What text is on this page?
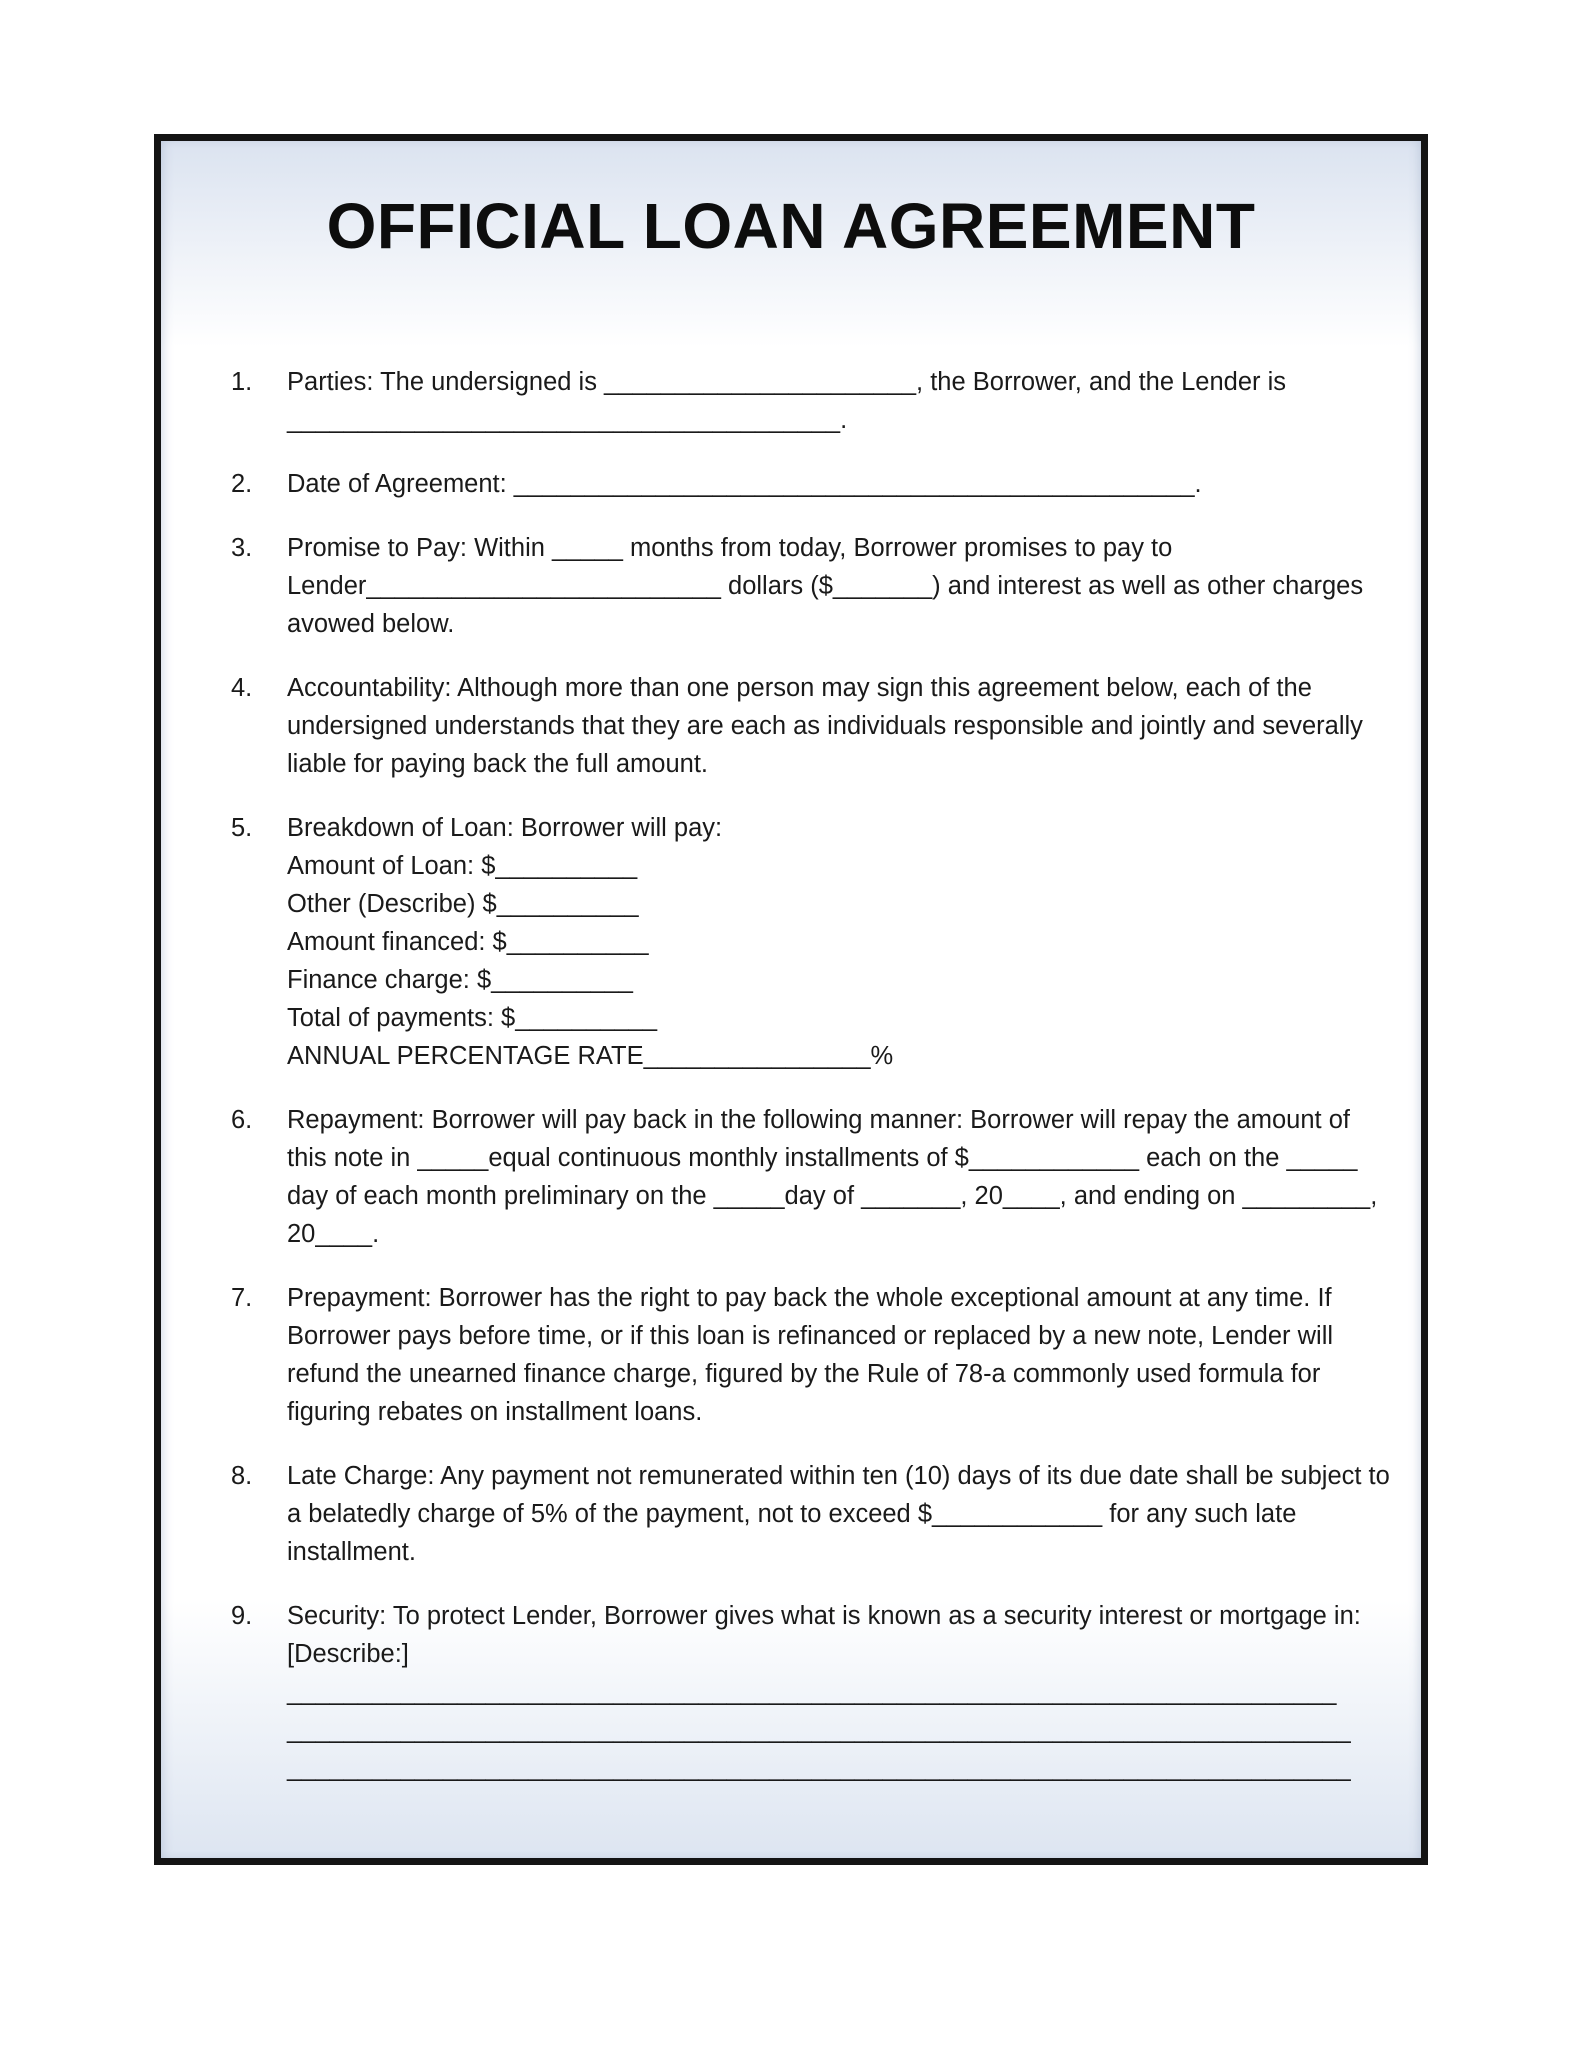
OFFICIAL LOAN AGREEMENT
1. Parties: The undersigned is ______________________, the Borrower, and the Lender is
_______________________________________.
2. Date of Agreement: ________________________________________________.
3. Promise to Pay: Within _____ months from today, Borrower promises to pay to
Lender_________________________ dollars ($_______) and interest as well as other charges
avowed below.
4. Accountability: Although more than one person may sign this agreement below, each of the
undersigned understands that they are each as individuals responsible and jointly and severally
liable for paying back the full amount.
5. Breakdown of Loan: Borrower will pay:
Amount of Loan: $__________
Other (Describe) $__________
Amount financed: $__________
Finance charge: $__________
Total of payments: $__________
ANNUAL PERCENTAGE RATE________________%
6. Repayment: Borrower will pay back in the following manner: Borrower will repay the amount of
this note in _____equal continuous monthly installments of $____________ each on the _____
day of each month preliminary on the _____day of _______, 20____, and ending on _________,
20____.
7. Prepayment: Borrower has the right to pay back the whole exceptional amount at any time. If
Borrower pays before time, or if this loan is refinanced or replaced by a new note, Lender will
refund the unearned finance charge, figured by the Rule of 78-a commonly used formula for
figuring rebates on installment loans.
8. Late Charge: Any payment not remunerated within ten (10) days of its due date shall be subject to
a belatedly charge of 5% of the payment, not to exceed $____________ for any such late
installment.
9. Security: To protect Lender, Borrower gives what is known as a security interest or mortgage in:
[Describe:]
__________________________________________________________________________
___________________________________________________________________________
___________________________________________________________________________
